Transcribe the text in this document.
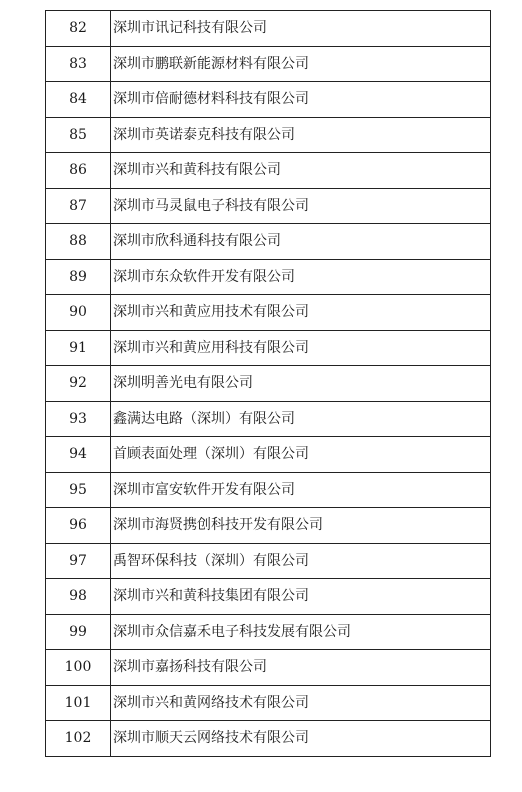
82	深圳市讯记科技有限公司
83	深圳市鹏联新能源材料有限公司
84	深圳市倍耐德材料科技有限公司
85	深圳市英诺泰克科技有限公司
86	深圳市兴和黄科技有限公司
87	深圳市马灵鼠电子科技有限公司
88	深圳市欣科通科技有限公司
89	深圳市东众软件开发有限公司
90	深圳市兴和黄应用技术有限公司
91	深圳市兴和黄应用科技有限公司
92	深圳明善光电有限公司
93	鑫满达电路（深圳）有限公司
94	首顾表面处理（深圳）有限公司
95	深圳市富安软件开发有限公司
96	深圳市海贤携创科技开发有限公司
97	禹智环保科技（深圳）有限公司
98	深圳市兴和黄科技集团有限公司
99	深圳市众信嘉禾电子科技发展有限公司
100	深圳市嘉扬科技有限公司
101	深圳市兴和黄网络技术有限公司
102	深圳市顺天云网络技术有限公司
